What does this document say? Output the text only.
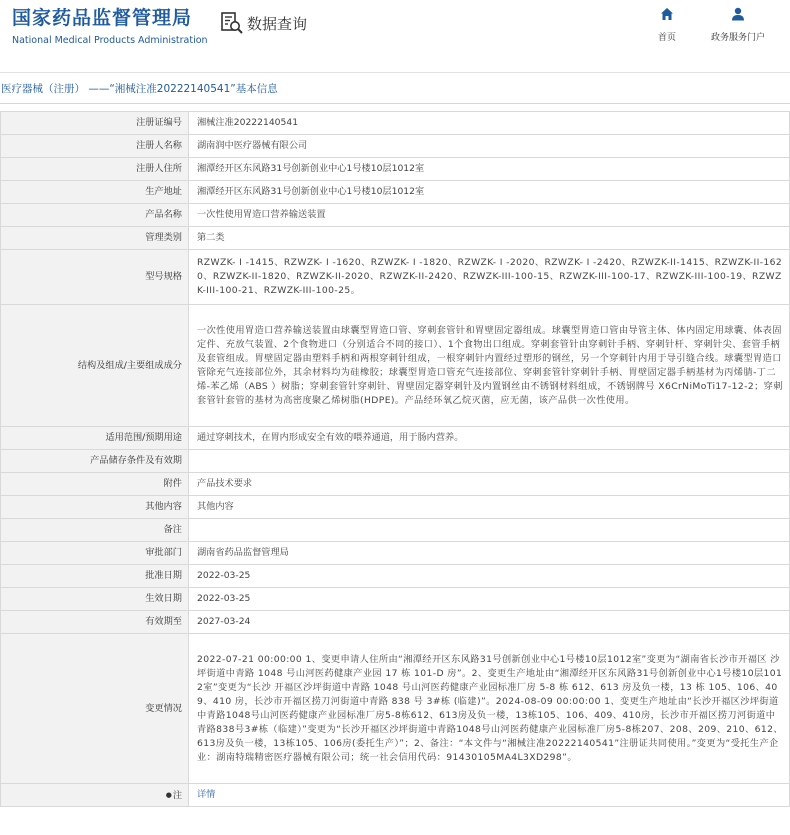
国家药品监督管理局
National Medical Products Administration
数据查询
首页	政务服务门户
医疗器械（注册） ——“湘械注准20222140541”基本信息
注册证编号	湘械注准20222140541
注册人名称	湖南润中医疗器械有限公司
注册人住所	湘潭经开区东风路31号创新创业中心1号楼10层1012室
生产地址	湘潭经开区东风路31号创新创业中心1号楼10层1012室
产品名称	一次性使用胃造口营养输送装置
管理类别	第二类
型号规格	RZWZK- I -1415、RZWZK- I -1620、RZWZK- I -1820、RZWZK- I -2020、RZWZK- I -2420、RZWZK-II-1415、RZWZK-II-1620、RZWZK-II-1820、RZWZK-II-2020、RZWZK-II-2420、RZWZK-III-100-15、RZWZK-III-100-17、RZWZK-III-100-19、RZWZK-III-100-21、RZWZK-III-100-25。
结构及组成/主要组成成分	一次性使用胃造口营养输送装置由球囊型胃造口管、穿刺套管针和胃壁固定器组成。球囊型胃造口管由导管主体、体内固定用球囊、体表固定件、充放气装置、2个食物进口（分别适合不同的接口）、1个食物出口组成。穿刺套管针由穿刺针手柄、穿刺针杆、穿刺针尖、套管手柄及套管组成。胃壁固定器由塑料手柄和两根穿刺针组成，一根穿刺针内置经过塑形的钢丝，另一个穿刺针内用于导引缝合线。球囊型胃造口管除充气连接部位外，其余材料均为硅橡胶；球囊型胃造口管充气连接部位、穿刺套管针穿刺针手柄、胃壁固定器手柄基材为丙烯腈-丁二烯-苯乙烯（ABS ）树脂；穿刺套管针穿刺针、胃壁固定器穿刺针及内置钢丝由不锈钢材料组成，不锈钢牌号 X6CrNiMoTi17-12-2；穿刺套管针套管的基材为高密度聚乙烯树脂(HDPE)。产品经环氧乙烷灭菌，应无菌，该产品供一次性使用。
适用范围/预期用途	通过穿刺技术，在胃内形成安全有效的喂养通道，用于肠内营养。
产品储存条件及有效期	
附件	产品技术要求
其他内容	其他内容
备注	
审批部门	湖南省药品监督管理局
批准日期	2022-03-25
生效日期	2022-03-25
有效期至	2027-03-24
变更情况	2022-07-21 00:00:00 1、变更申请人住所由“湘潭经开区东风路31号创新创业中心1号楼10层1012室”变更为“湖南省长沙市开福区 沙坪街道中青路 1048 号山河医药健康产业园 17 栋 101-D 房”。2、变更生产地址由“湘潭经开区东风路31号创新创业中心1号楼10层1012室”变更为“长沙 开福区沙坪街道中青路 1048 号山河医药健康产业园标准厂房 5-8 栋 612、613 房及负一楼，13 栋 105、106、409、410 房，长沙市开福区捞刀河街道中青路 838 号 3#栋 (临建)”。2024-08-09 00:00:00 1、变更生产地址由“长沙开福区沙坪街道中青路1048号山河医药健康产业园标准厂房5-8栋612、613房及负一楼，13栋105、106、409、410房，长沙市开福区捞刀河街道中青路838号3#栋（临建）”变更为“长沙开福区沙坪街道中青路1048号山河医药健康产业园标准厂房5-8栋207、208、209、210、612、613房及负一楼，13栋105、106房(委托生产）”；2、备注：“本文件与“湘械注准20222140541”注册证共同使用。”变更为“受托生产企业：湖南特瑞精密医疗器械有限公司；统一社会信用代码：91430105MA4L3XD298”。
●注	详情
